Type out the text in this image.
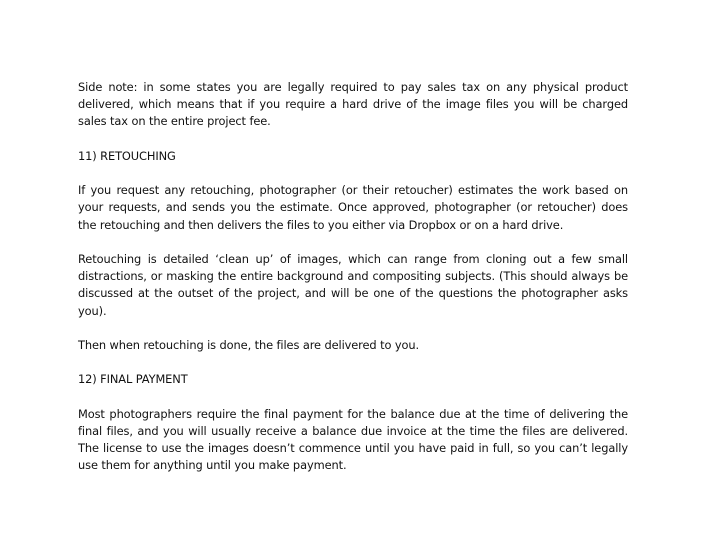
Side note: in some states you are legally required to pay sales tax on any physical product delivered, which means that if you require a hard drive of the image files you will be charged sales tax on the entire project fee.

11) RETOUCHING

If you request any retouching, photographer (or their retoucher) estimates the work based on your requests, and sends you the estimate. Once approved, photographer (or retoucher) does the retouching and then delivers the files to you either via Dropbox or on a hard drive.

Retouching is detailed ‘clean up’ of images, which can range from cloning out a few small distractions, or masking the entire background and compositing subjects. (This should always be discussed at the outset of the project, and will be one of the questions the photographer asks you).

Then when retouching is done, the files are delivered to you.

12) FINAL PAYMENT

Most photographers require the final payment for the balance due at the time of delivering the final files, and you will usually receive a balance due invoice at the time the files are delivered. The license to use the images doesn’t commence until you have paid in full, so you can’t legally use them for anything until you make payment.
